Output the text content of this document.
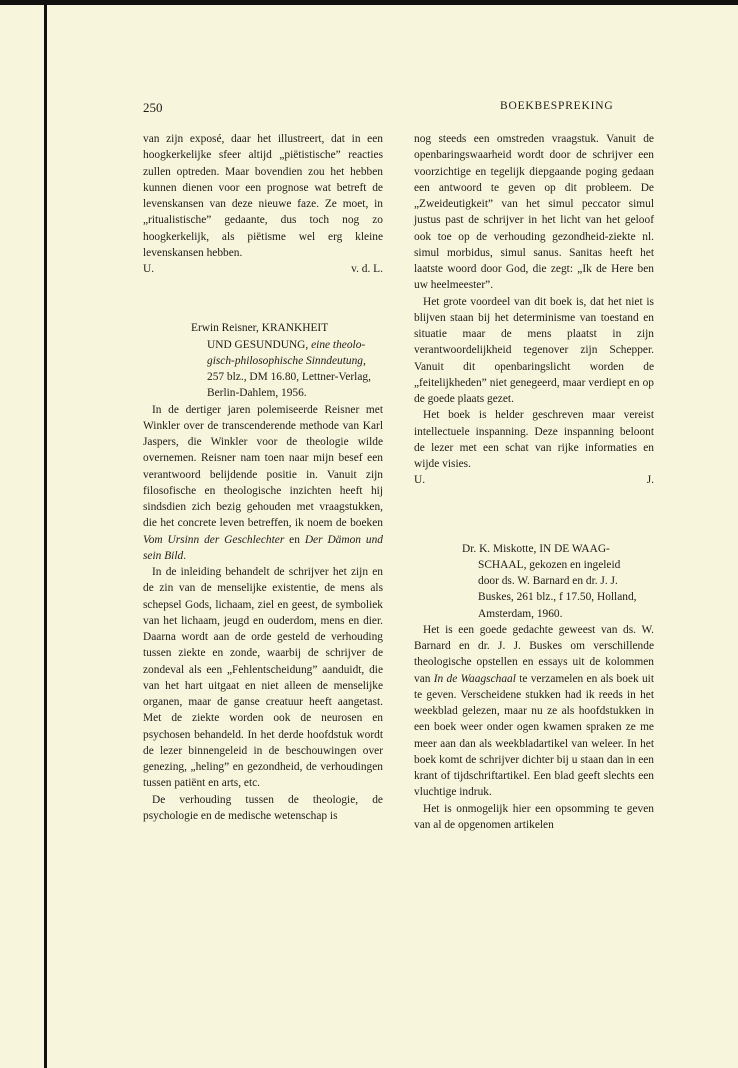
250	BOEKBESPREKING

van zijn exposé, daar het illustreert, dat in een hoogkerkelijke sfeer altijd „piëtistische” reacties zullen optreden. Maar bovendien zou het hebben kunnen dienen voor een prognose wat betreft de levenskansen van deze nieuwe faze. Ze moet, in „ritualistische” gedaante, dus toch nog zo hoogkerkelijk, als piëtisme wel erg kleine levenskansen hebben.

U.	v. d. L.
Erwin Reisner, KRANKHEIT
UND GESUNDUNG, eine theolo-
gisch-philosophische Sinndeutung,
257 blz., DM 16.80, Lettner-Verlag,
Berlin-Dahlem, 1956.

In de dertiger jaren polemiseerde Reisner met Winkler over de transcenderende methode van Karl Jaspers, die Winkler voor de theologie wilde overnemen. Reisner nam toen naar mijn besef een verantwoord belijdende positie in. Vanuit zijn filosofische en theologische inzichten heeft hij sindsdien zich bezig gehouden met vraagstukken, die het concrete leven betreffen, ik noem de boeken Vom Ursinn der Geschlechter en Der Dämon und sein Bild.

In de inleiding behandelt de schrijver het zijn en de zin van de menselijke existentie, de mens als schepsel Gods, lichaam, ziel en geest, de symboliek van het lichaam, jeugd en ouderdom, mens en dier. Daarna wordt aan de orde gesteld de verhouding tussen ziekte en zonde, waarbij de schrijver de zondeval als een „Fehlentscheidung” aanduidt, die van het hart uitgaat en niet alleen de menselijke organen, maar de ganse creatuur heeft aangetast. Met de ziekte worden ook de neurosen en psychosen behandeld. In het derde hoofdstuk wordt de lezer binnengeleid in de beschouwingen over genezing, „heling” en gezondheid, de verhoudingen tussen patiënt en arts, etc.

De verhouding tussen de theologie, de psychologie en de medische wetenschap is

nog steeds een omstreden vraagstuk. Vanuit de openbaringswaarheid wordt door de schrijver een voorzichtige en tegelijk diepgaande poging gedaan een antwoord te geven op dit probleem. De „Zweideutigkeit” van het simul peccator simul justus past de schrijver in het licht van het geloof ook toe op de verhouding gezondheid-ziekte nl. simul morbidus, simul sanus. Sanitas heeft het laatste woord door God, die zegt: „Ik de Here ben uw heelmeester”.

Het grote voordeel van dit boek is, dat het niet is blijven staan bij het determinisme van toestand en situatie maar de mens plaatst in zijn verantwoordelijkheid tegenover zijn Schepper. Vanuit dit openbaringslicht worden de „feitelijkheden” niet genegeerd, maar verdiept en op de goede plaats gezet.

Het boek is helder geschreven maar vereist intellectuele inspanning. Deze inspanning beloont de lezer met een schat van rijke informaties en wijde visies.

U.	J.
Dr. K. Miskotte, IN DE WAAG-
SCHAAL, gekozen en ingeleid
door ds. W. Barnard en dr. J. J.
Buskes, 261 blz., f 17.50, Holland,
Amsterdam, 1960.

Het is een goede gedachte geweest van ds. W. Barnard en dr. J. J. Buskes om verschillende theologische opstellen en essays uit de kolommen van In de Waagschaal te verzamelen en als boek uit te geven. Verscheidene stukken had ik reeds in het weekblad gelezen, maar nu ze als hoofdstukken in een boek weer onder ogen kwamen spraken ze me meer aan dan als weekbladartikel van weleer. In het boek komt de schrijver dichter bij u staan dan in een krant of tijdschriftartikel. Een blad geeft slechts een vluchtige indruk.

Het is onmogelijk hier een opsomming te geven van al de opgenomen artikelen
